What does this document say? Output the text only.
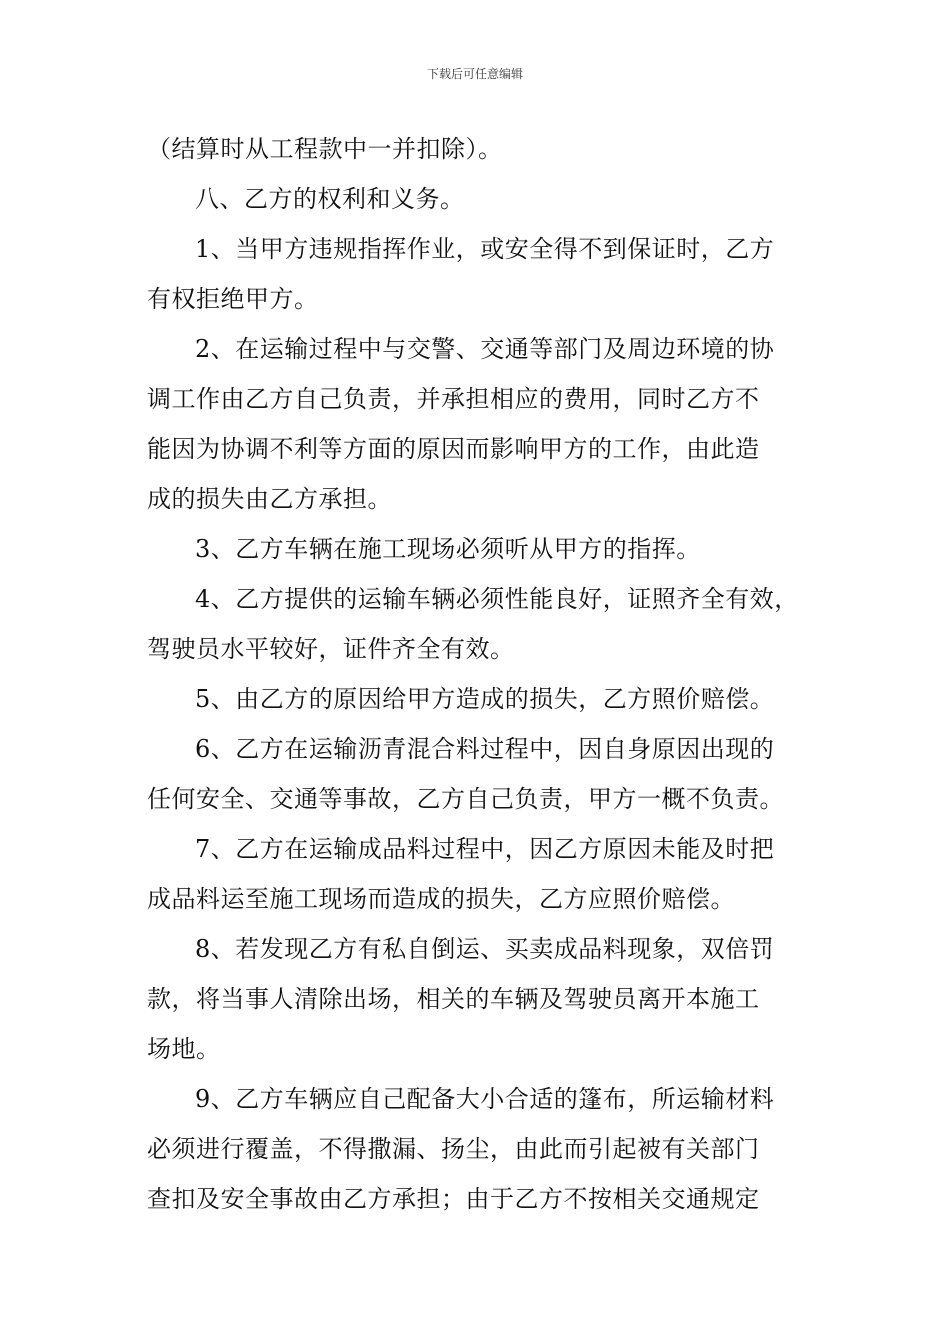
下载后可任意编辑
（结算时从工程款中一并扣除）。
八、乙方的权利和义务。
1、当甲方违规指挥作业，或安全得不到保证时，乙方
有权拒绝甲方。
2、在运输过程中与交警、交通等部门及周边环境的协
调工作由乙方自己负责，并承担相应的费用，同时乙方不
能因为协调不利等方面的原因而影响甲方的工作，由此造
成的损失由乙方承担。
3、乙方车辆在施工现场必须听从甲方的指挥。
4、乙方提供的运输车辆必须性能良好，证照齐全有效，
驾驶员水平较好，证件齐全有效。
5、由乙方的原因给甲方造成的损失，乙方照价赔偿。
6、乙方在运输沥青混合料过程中，因自身原因出现的
任何安全、交通等事故，乙方自己负责，甲方一概不负责。
7、乙方在运输成品料过程中，因乙方原因未能及时把
成品料运至施工现场而造成的损失，乙方应照价赔偿。
8、若发现乙方有私自倒运、买卖成品料现象，双倍罚
款，将当事人清除出场，相关的车辆及驾驶员离开本施工
场地。
9、乙方车辆应自己配备大小合适的篷布，所运输材料
必须进行覆盖，不得撒漏、扬尘，由此而引起被有关部门
查扣及安全事故由乙方承担；由于乙方不按相关交通规定
